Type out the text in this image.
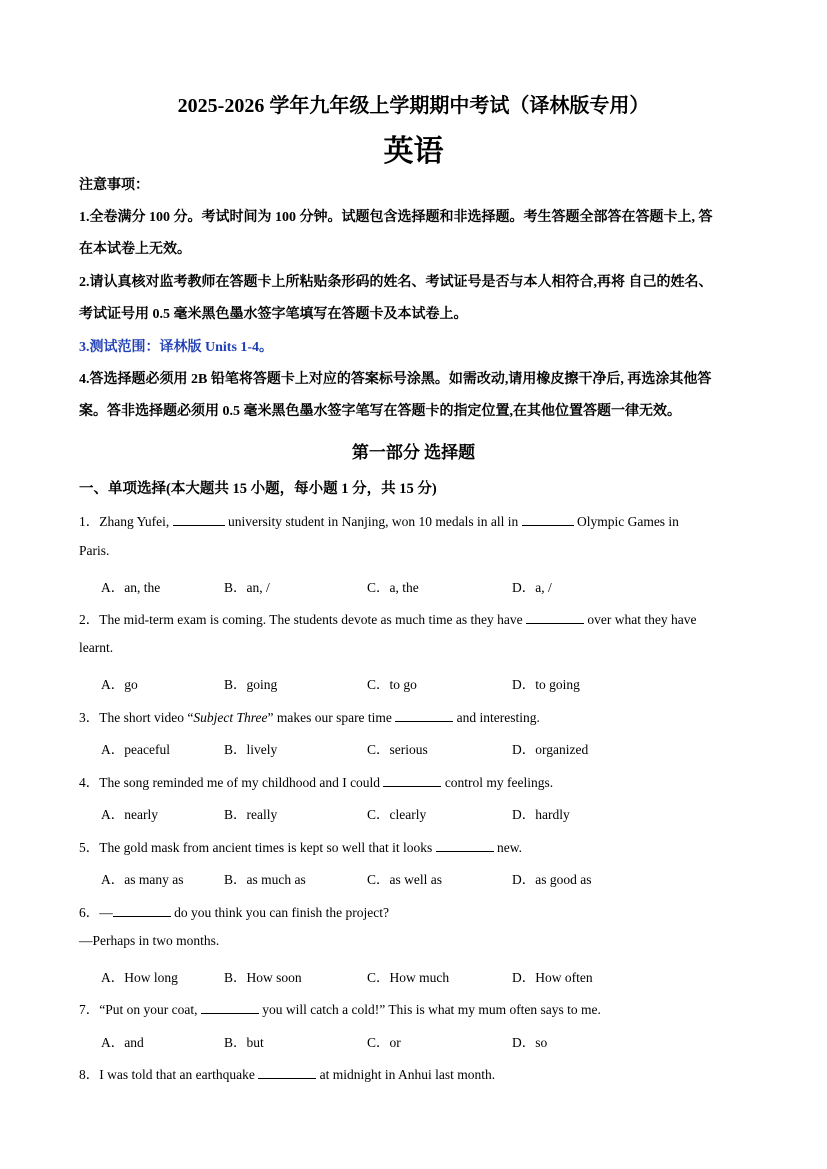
2025-2026 学年九年级上学期期中考试（译林版专用）
英语
注意事项：
1.全卷满分 100 分。考试时间为 100 分钟。试题包含选择题和非选择题。考生答题全部答在答题卡上, 答
在本试卷上无效。
2.请认真核对监考教师在答题卡上所粘贴条形码的姓名、考试证号是否与本人相符合,再将 自己的姓名、
考试证号用 0.5 毫米黑色墨水签字笔填写在答题卡及本试卷上。
3.测试范围：译林版 Units 1-4。
4.答选择题必须用 2B 铅笔将答题卡上对应的答案标号涂黑。如需改动,请用橡皮擦干净后, 再选涂其他答
案。答非选择题必须用 0.5 毫米黑色墨水签字笔写在答题卡的指定位置,在其他位置答题一律无效。
第一部分 选择题
一、单项选择(本大题共 15 小题，每小题 1 分，共 15 分)
1．Zhang Yufei,	university student in Nanjing, won 10 medals in all in	Olympic Games in
Paris.
A．an, the	B．an, /	C．a, the	D．a, /
2．The mid-term exam is coming. The students devote as much time as they have	over what they have
learnt.
A．go	B．going	C．to go	D．to going
3．The short video “Subject Three” makes our spare time	and interesting.
A．peaceful	B．lively	C．serious	D．organized
4．The song reminded me of my childhood and I could	control my feelings.
A．nearly	B．really	C．clearly	D．hardly
5．The gold mask from ancient times is kept so well that it looks	new.
A．as many as	B．as much as	C．as well as	D．as good as
6．—	do you think you can finish the project?
—Perhaps in two months.
A．How long	B．How soon	C．How much	D．How often
7．“Put on your coat,	you will catch a cold!” This is what my mum often says to me.
A．and	B．but	C．or	D．so
8．I was told that an earthquake	at midnight in Anhui last month.
